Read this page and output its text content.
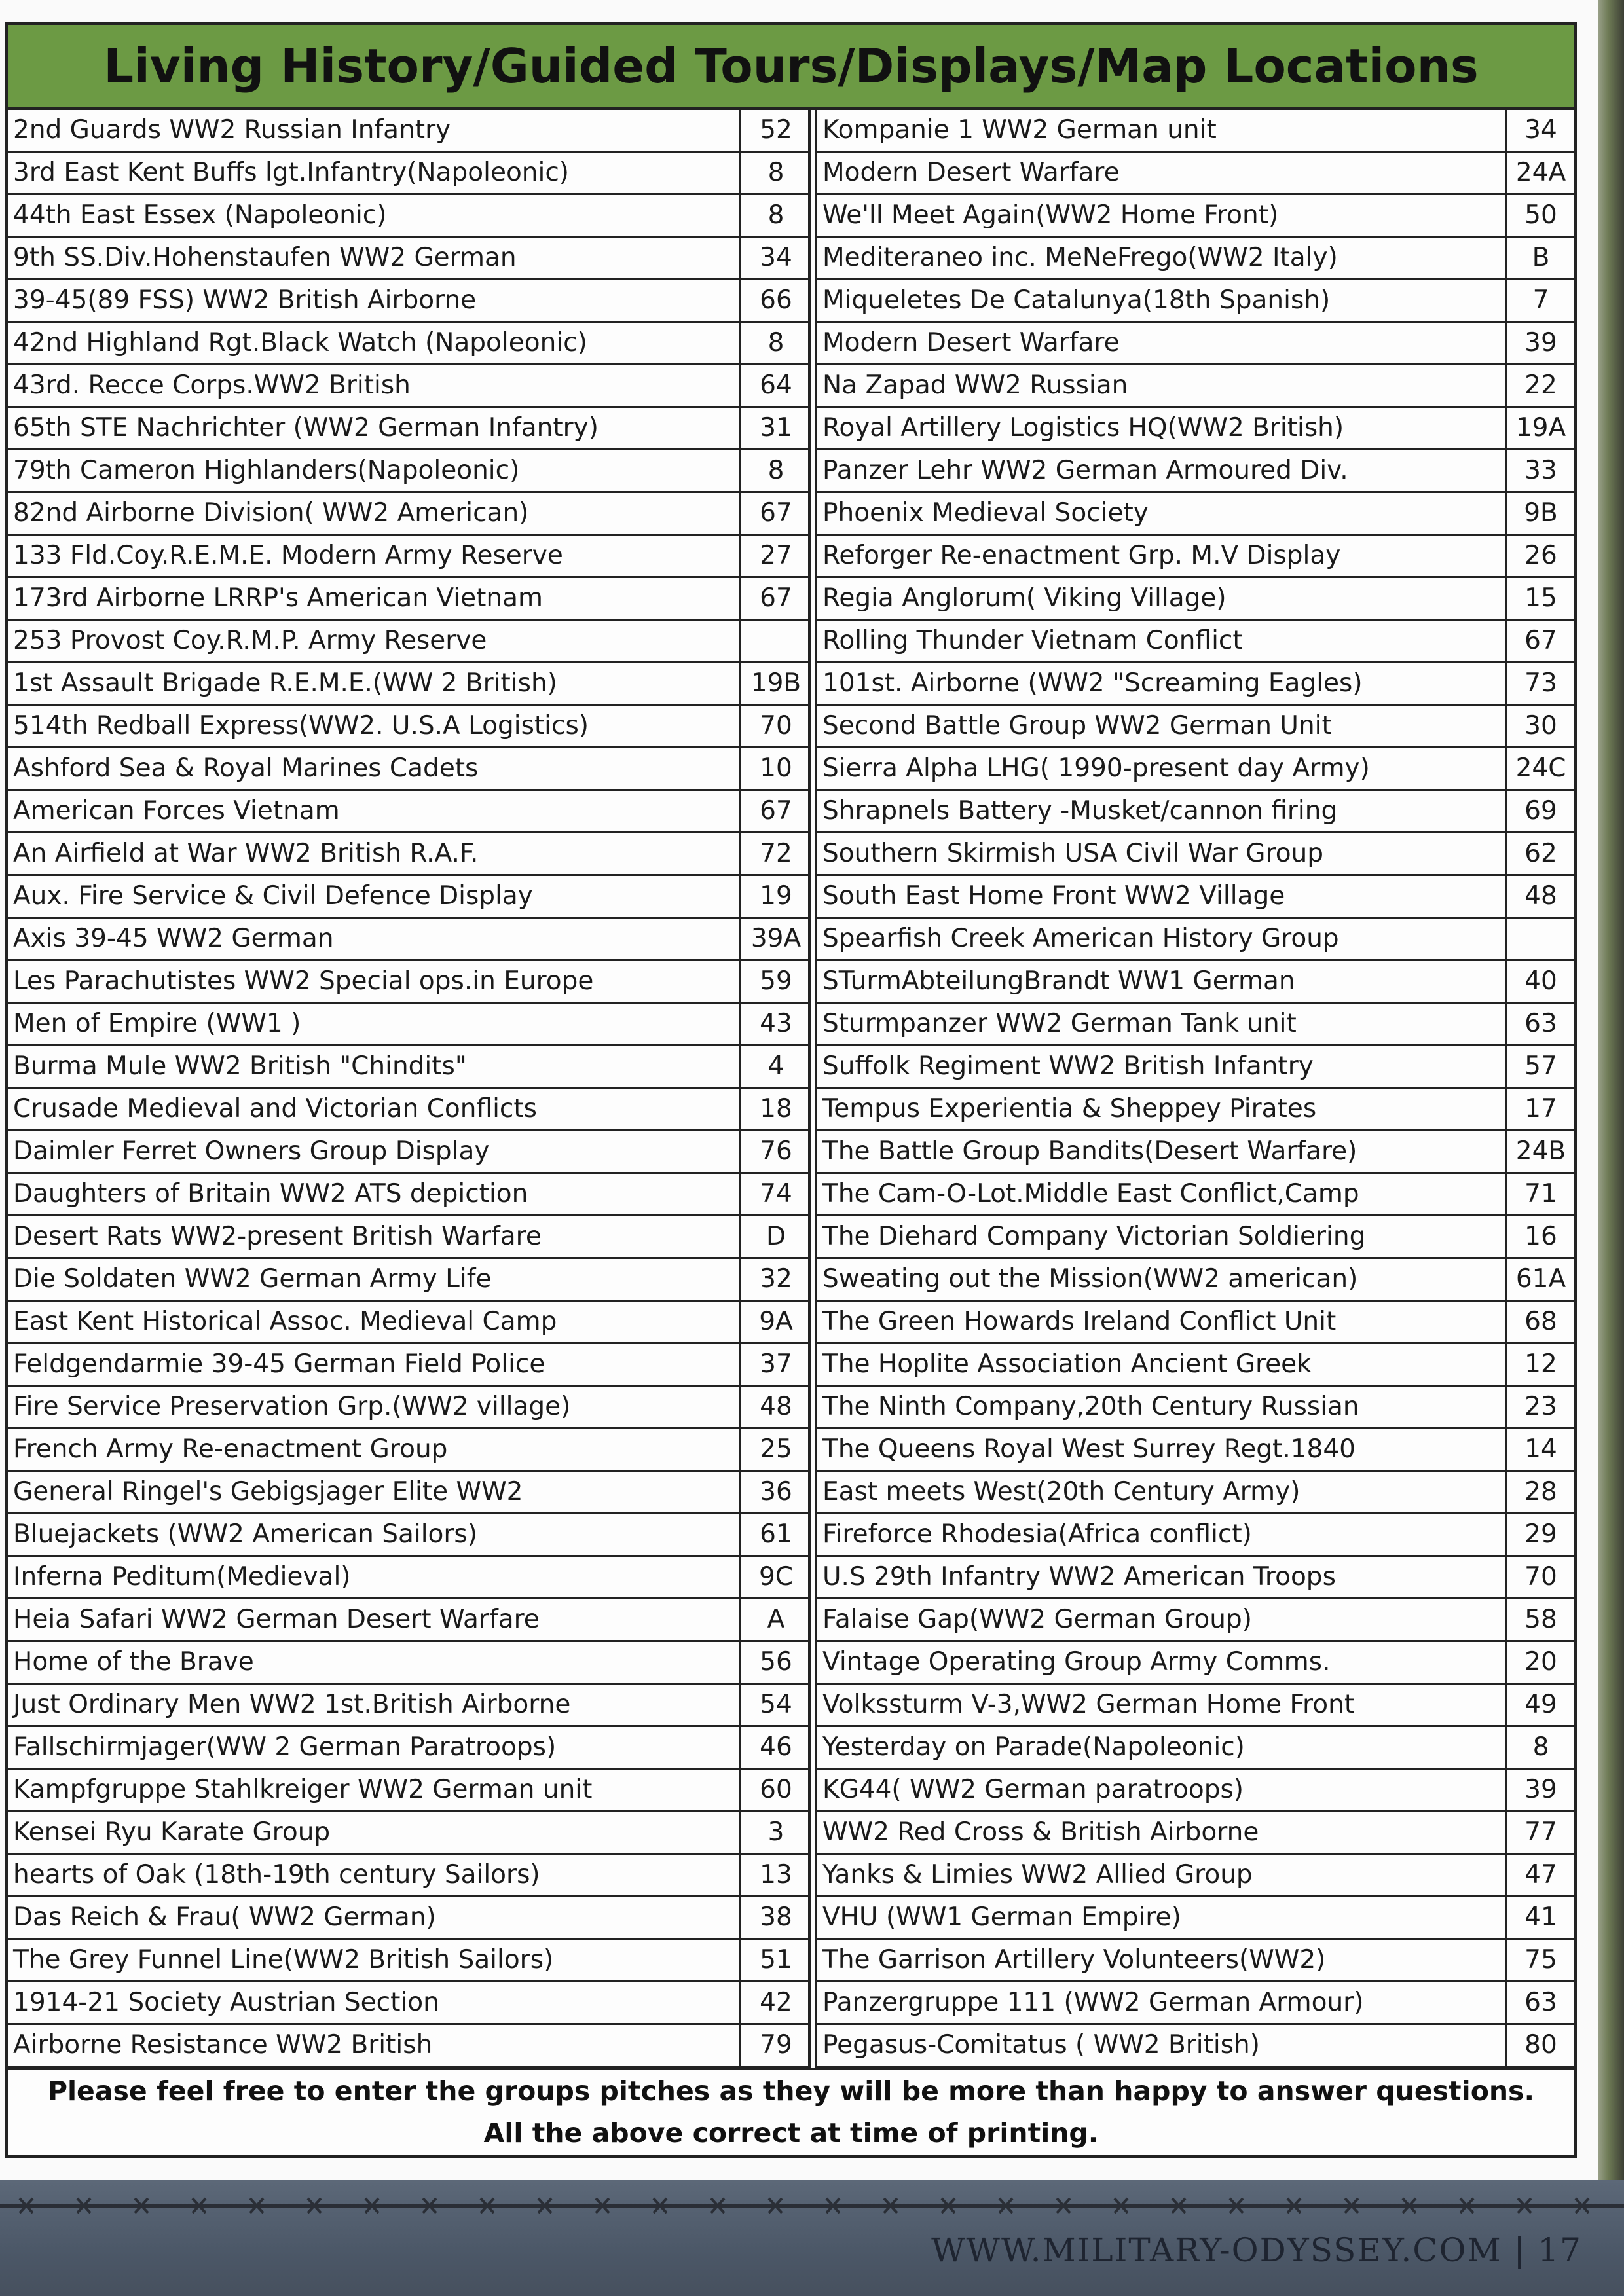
Living History/Guided Tours/Displays/Map Locations
2nd Guards WW2 Russian Infantry	52
3rd East Kent Buffs lgt.Infantry(Napoleonic)	8
44th East Essex (Napoleonic)	8
9th SS.Div.Hohenstaufen WW2 German	34
39-45(89 FSS) WW2 British Airborne	66
42nd Highland Rgt.Black Watch (Napoleonic)	8
43rd. Recce Corps.WW2 British	64
65th STE Nachrichter (WW2 German Infantry)	31
79th Cameron Highlanders(Napoleonic)	8
82nd Airborne Division( WW2 American)	67
133 Fld.Coy.R.E.M.E. Modern Army Reserve	27
173rd Airborne LRRP's American Vietnam	67
253 Provost Coy.R.M.P. Army Reserve
1st Assault Brigade R.E.M.E.(WW 2 British)	19B
514th Redball Express(WW2. U.S.A Logistics)	70
Ashford Sea & Royal Marines Cadets	10
American Forces Vietnam	67
An Airfield at War WW2 British R.A.F.	72
Aux. Fire Service & Civil Defence Display	19
Axis 39-45 WW2 German	39A
Les Parachutistes WW2 Special ops.in Europe	59
Men of Empire (WW1 )	43
Burma Mule WW2 British "Chindits"	4
Crusade Medieval and Victorian Conflicts	18
Daimler Ferret Owners Group Display	76
Daughters of Britain WW2 ATS depiction	74
Desert Rats WW2-present British Warfare	D
Die Soldaten WW2 German Army Life	32
East Kent Historical Assoc. Medieval Camp	9A
Feldgendarmie 39-45 German Field Police	37
Fire Service Preservation Grp.(WW2 village)	48
French Army Re-enactment Group	25
General Ringel's Gebigsjager Elite WW2	36
Bluejackets (WW2 American Sailors)	61
Inferna Peditum(Medieval)	9C
Heia Safari WW2 German Desert Warfare	A
Home of the Brave	56
Just Ordinary Men WW2 1st.British Airborne	54
Fallschirmjager(WW 2 German Paratroops)	46
Kampfgruppe Stahlkreiger WW2 German unit	60
Kensei Ryu Karate Group	3
hearts of Oak (18th-19th century Sailors)	13
Das Reich & Frau( WW2 German)	38
The Grey Funnel Line(WW2 British Sailors)	51
1914-21 Society Austrian Section	42
Airborne Resistance WW2 British	79
Kompanie 1 WW2 German unit	34
Modern Desert Warfare	24A
We'll Meet Again(WW2 Home Front)	50
Mediteraneo inc. MeNeFrego(WW2 Italy)	B
Miqueletes De Catalunya(18th Spanish)	7
Modern Desert Warfare	39
Na Zapad WW2 Russian	22
Royal Artillery Logistics HQ(WW2 British)	19A
Panzer Lehr WW2 German Armoured Div.	33
Phoenix Medieval Society	9B
Reforger Re-enactment Grp. M.V Display	26
Regia Anglorum( Viking Village)	15
Rolling Thunder Vietnam Conflict	67
101st. Airborne (WW2 "Screaming Eagles)	73
Second Battle Group WW2 German Unit	30
Sierra Alpha LHG( 1990-present day Army)	24C
Shrapnels Battery -Musket/cannon firing	69
Southern Skirmish USA Civil War Group	62
South East Home Front WW2 Village	48
Spearfish Creek American History Group
STurmAbteilungBrandt WW1 German	40
Sturmpanzer WW2 German Tank unit	63
Suffolk Regiment WW2 British Infantry	57
Tempus Experientia & Sheppey Pirates	17
The Battle Group Bandits(Desert Warfare)	24B
The Cam-O-Lot.Middle East Conflict,Camp	71
The Diehard Company Victorian Soldiering	16
Sweating out the Mission(WW2 american)	61A
The Green Howards Ireland Conflict Unit	68
The Hoplite Association Ancient Greek	12
The Ninth Company,20th Century Russian	23
The Queens Royal West Surrey Regt.1840	14
East meets West(20th Century Army)	28
Fireforce Rhodesia(Africa conflict)	29
U.S 29th Infantry WW2 American Troops	70
Falaise Gap(WW2 German Group)	58
Vintage Operating Group Army Comms.	20
Volkssturm V-3,WW2 German Home Front	49
Yesterday on Parade(Napoleonic)	8
KG44( WW2 German paratroops)	39
WW2 Red Cross & British Airborne	77
Yanks & Limies WW2 Allied Group	47
VHU (WW1 German Empire)	41
The Garrison Artillery Volunteers(WW2)	75
Panzergruppe 111 (WW2 German Armour)	63
Pegasus-Comitatus ( WW2 British)	80
Please feel free to enter the groups pitches as they will be more than happy to answer questions. All the above correct at time of printing.
WWW.MILITARY-ODYSSEY.COM | 17
